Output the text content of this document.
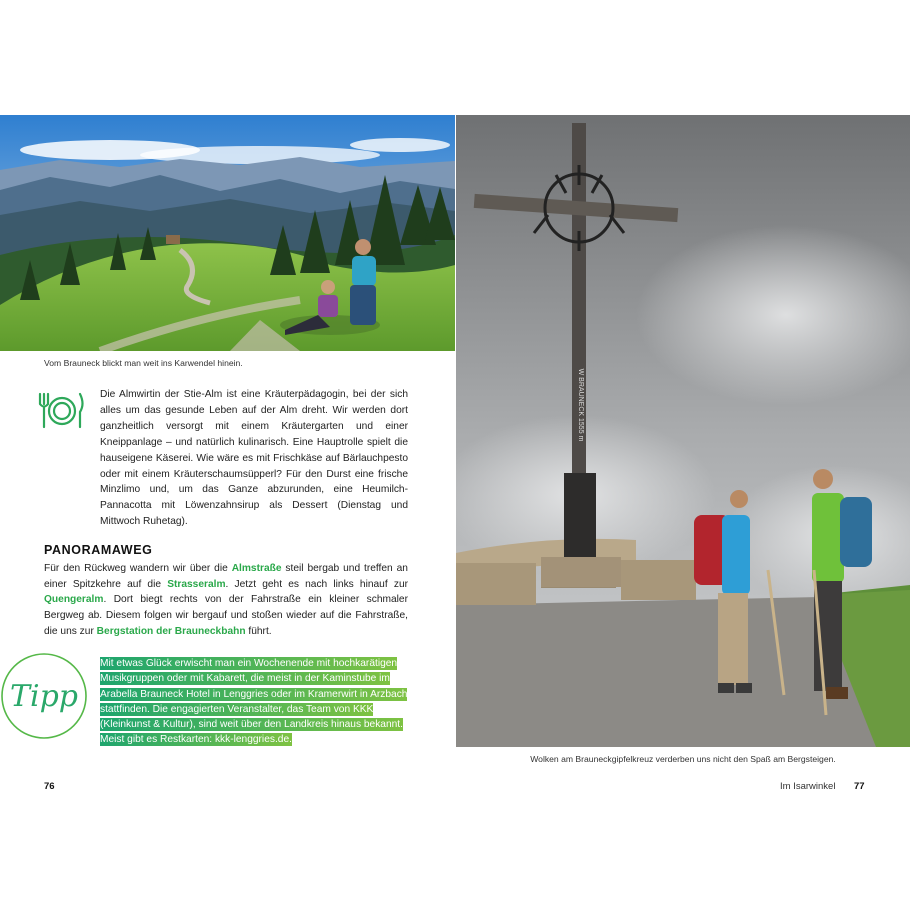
Vom Brauneck blickt man weit ins Karwendel hinein.

Die Almwirtin der Stie-Alm ist eine Kräuterpädagogin, bei der sich alles um das gesunde Leben auf der Alm dreht. Wir werden dort ganzheitlich versorgt mit einem Kräutergarten und einer Kneippanlage – und natürlich kulinarisch. Eine Hauptrolle spielt die hauseigene Käserei. Wie wäre es mit Frischkäse auf Bärlauchpesto oder mit einem Kräuterschaumsüpperl? Für den Durst eine frische Minzlimo und, um das Ganze abzurunden, eine Heumilch-Pannacotta mit Löwenzahnsirup als Dessert (Dienstag und Mittwoch Ruhetag).

PANORAMAWEG

Für den Rückweg wandern wir über die Almstraße steil bergab und treffen an einer Spitzkehre auf die Strasseralm. Jetzt geht es nach links hinauf zur Quengeralm. Dort biegt rechts von der Fahrstraße ein kleiner schmaler Bergweg ab. Diesem folgen wir bergauf und stoßen wieder auf die Fahrstraße, die uns zur Bergstation der Brauneckbahn führt.

Tipp
Mit etwas Glück erwischt man ein Wochenende mit hochkarätigen Musikgruppen oder mit Kabarett, die meist in der Kaminstube im Arabella Brauneck Hotel in Lenggries oder im Kramerwirt in Arzbach stattfinden. Die engagierten Veranstalter, das Team von KKK (Kleinkunst & Kultur), sind weit über den Landkreis hinaus bekannt. Meist gibt es Restkarten: kkk-lenggries.de.
76
W BRAUNECK 1555 m
Wolken am Brauneckgipfelkreuz verderben uns nicht den Spaß am Bergsteigen.
Im Isarwinkel 77
